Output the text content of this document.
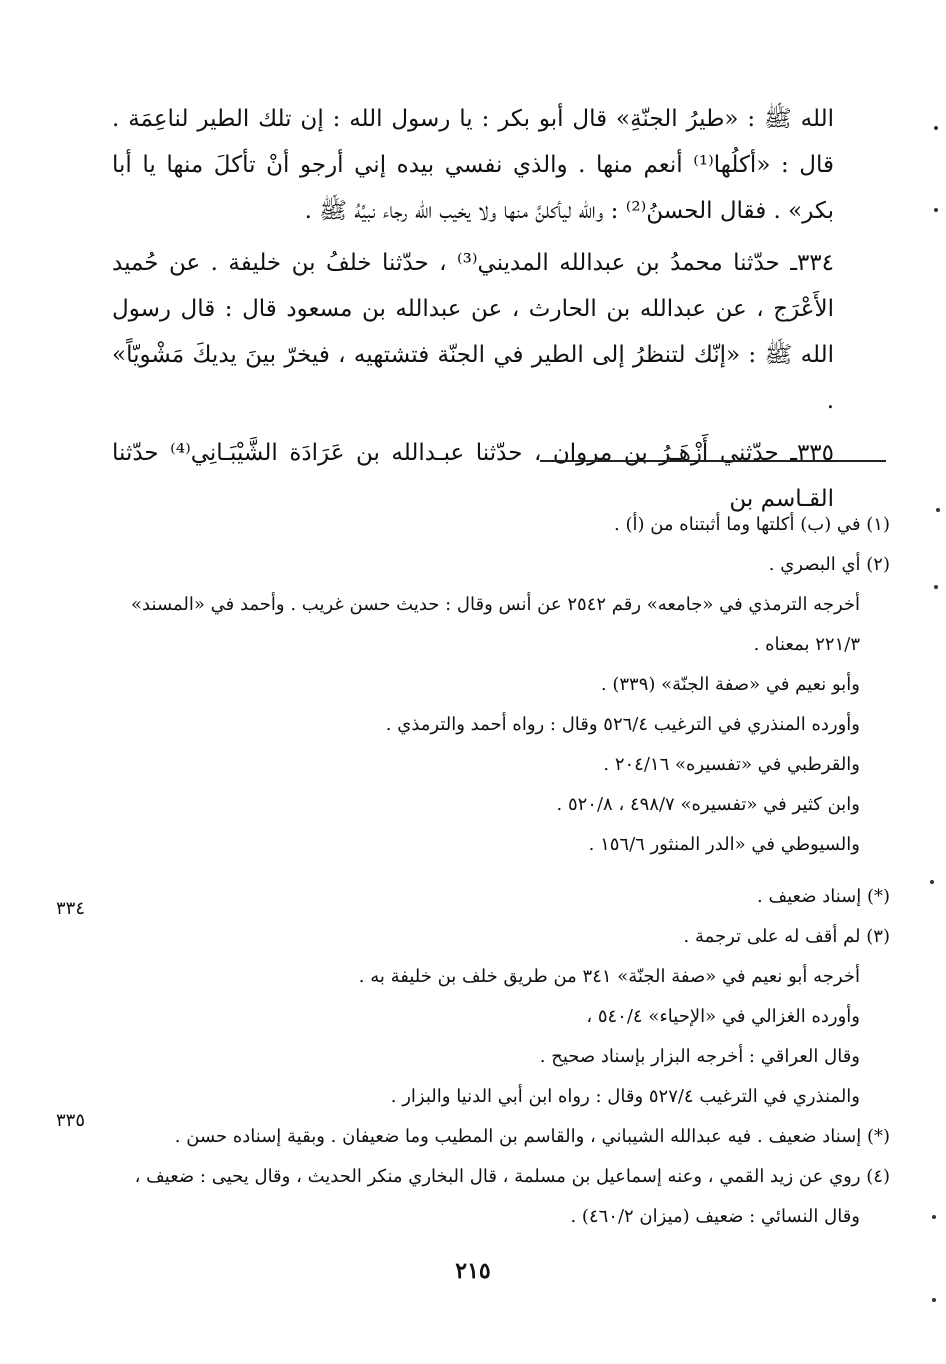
الله ﷺ : «طيرُ الجنّةِ» قال أبو بكر : يا رسول الله : إن تلك الطير لناعِمَة . قال : «أكلُها⁽¹⁾ أنعم منها . والذي نفسي بيده إني أرجو أنْ تأكلَ منها يا أبا بكر» . فقال الحسنُ⁽²⁾ : والله ليأكلنَّ منها ولا يخيب الله رجاء نبيِّهُ ﷺ .

٣٣٤ـ حدّثنا محمدُ بن عبدالله المديني⁽³⁾ ، حدّثنا خلفُ بن خليفة . عن حُميد الأَعْرَج ، عن عبدالله بن الحارث ، عن عبدالله بن مسعود قال : قال رسول الله ﷺ : «إنّك لتنظرُ إلى الطير في الجنّة فتشتهيه ، فيخرّ بينَ يديكَ مَشْويّاً» .

٣٣٥ـ حدّثني أَزْهَـرُ بن مروان ، حدّثنا عبـدالله بن عَرَادَة الشَّيْبَـانِي⁽⁴⁾ حدّثنا القـاسم بن

(١) في (ب) أكلتها وما أثبتناه من (أ) .
(٢) أي البصري .
أخرجه الترمذي في «جامعه» رقم ٢٥٤٢ عن أنس وقال : حديث حسن غريب . وأحمد في «المسند»
٢٢١/٣ بمعناه .
وأبو نعيم في «صفة الجنّة» (٣٣٩) .
وأورده المنذري في الترغيب ٥٢٦/٤ وقال : رواه أحمد والترمذي .
والقرطبي في «تفسيره» ٢٠٤/١٦ .
وابن كثير في «تفسيره» ٤٩٨/٧ ، ٥٢٠/٨ .
والسيوطي في «الدر المنثور ١٥٦/٦ .
(*) إسناد ضعيف .
(٣) لم أقف له على ترجمة .
أخرجه أبو نعيم في «صفة الجنّة» ٣٤١ من طريق خلف بن خليفة به .
وأورده الغزالي في «الإحياء» ٥٤٠/٤ ،
وقال العراقي : أخرجه البزار بإسناد صحيح .
والمنذري في الترغيب ٥٢٧/٤ وقال : رواه ابن أبي الدنيا والبزار .
(*) إسناد ضعيف . فيه عبدالله الشيباني ، والقاسم بن المطيب وما ضعيفان . وبقية إسناده حسن .
(٤) روي عن زيد القمي ، وعنه إسماعيل بن مسلمة ، قال البخاري منكر الحديث ، وقال يحيى : ضعيف ،
وقال النسائي : ضعيف (ميزان ٤٦٠/٢) .
٣٣٤
٣٣٥
٢١٥
